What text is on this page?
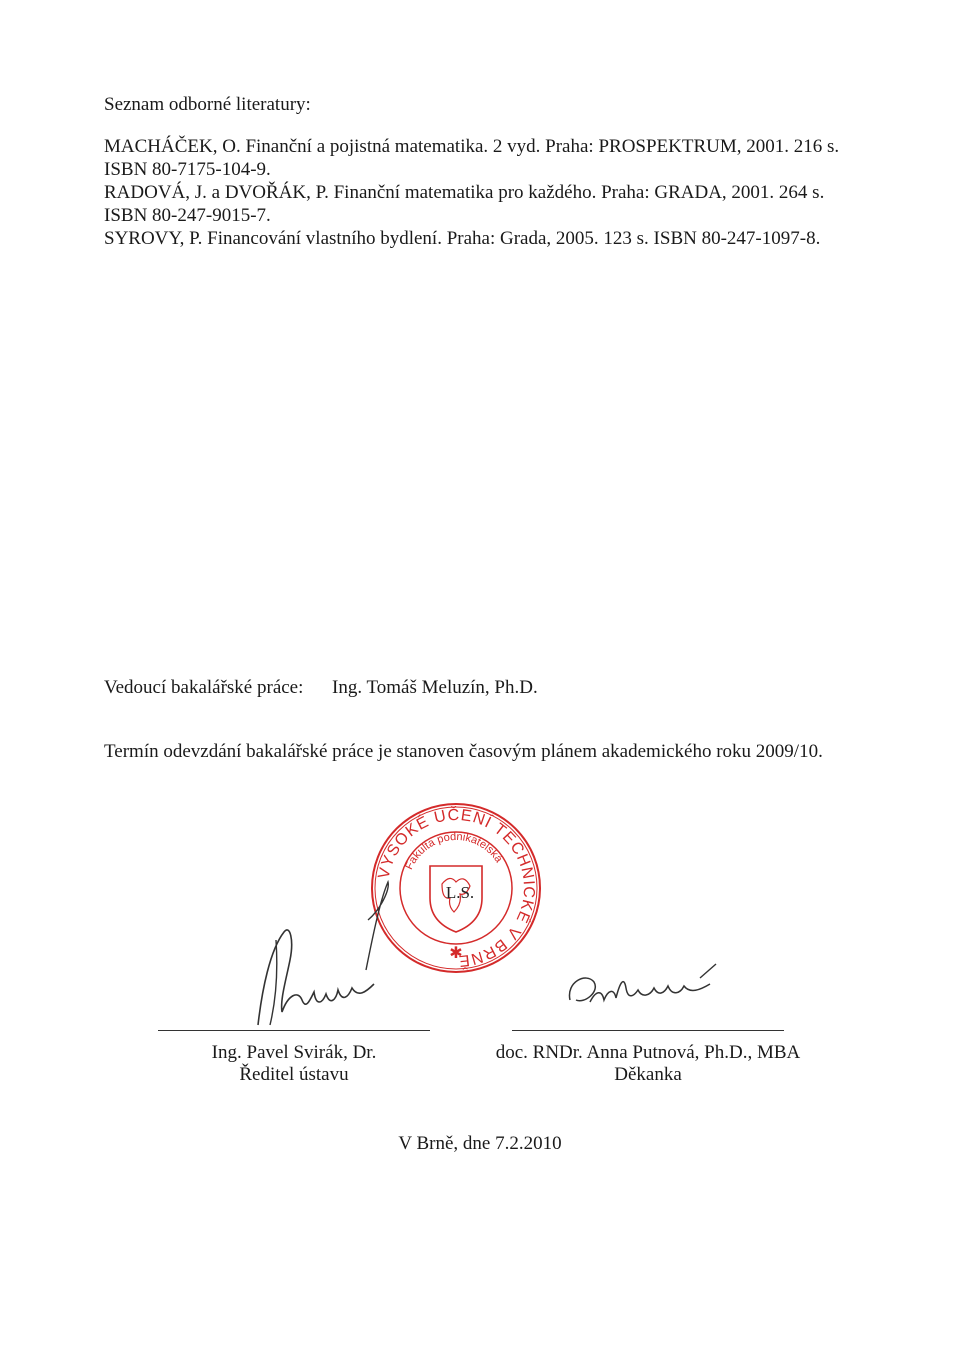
Seznam odborné literatury:

MACHÁČEK, O. Finanční a pojistná matematika. 2 vyd. Praha: PROSPEKTRUM, 2001. 216 s. ISBN 80-7175-104-9.

RADOVÁ, J. a DVOŘÁK, P. Finanční matematika pro každého. Praha: GRADA, 2001. 264 s. ISBN 80-247-9015-7.

SYROVY, P. Financování vlastního bydlení. Praha: Grada, 2005. 123 s. ISBN 80-247-1097-8.

Vedoucí bakalářské práce: Ing. Tomáš Meluzín, Ph.D.
Termín odevzdání bakalářské práce je stanoven časovým plánem akademického roku 2009/10.
VYSOKÉ UČENÍ TECHNICKÉ V BRNĚ
Fakulta podnikatelská
L.S.
✱
Ing. Pavel Svirák, Dr.
Ředitel ústavu
doc. RNDr. Anna Putnová, Ph.D., MBA
Děkanka
V Brně, dne 7.2.2010
